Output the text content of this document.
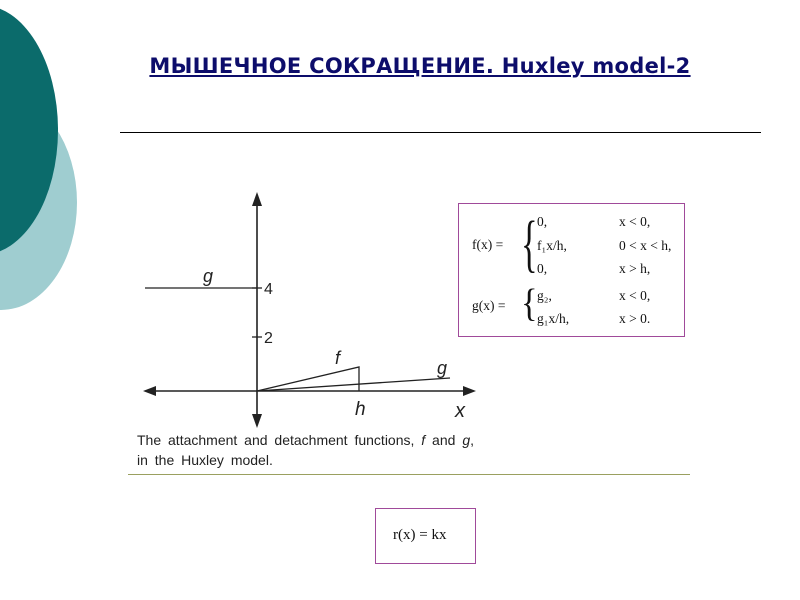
МЫШЕЧНОЕ СОКРАЩЕНИЕ. Huxley model-2
4
2
g
f	g
h	x
The attachment and detachment functions, f and g,
in the Huxley model.
f(x) = { 0,	x < 0,
f₁x/h,	0 < x < h,
0,	x > h,
g(x) = { g₂,	x < 0,
g₁x/h,	x > 0.
r(x) = kx
